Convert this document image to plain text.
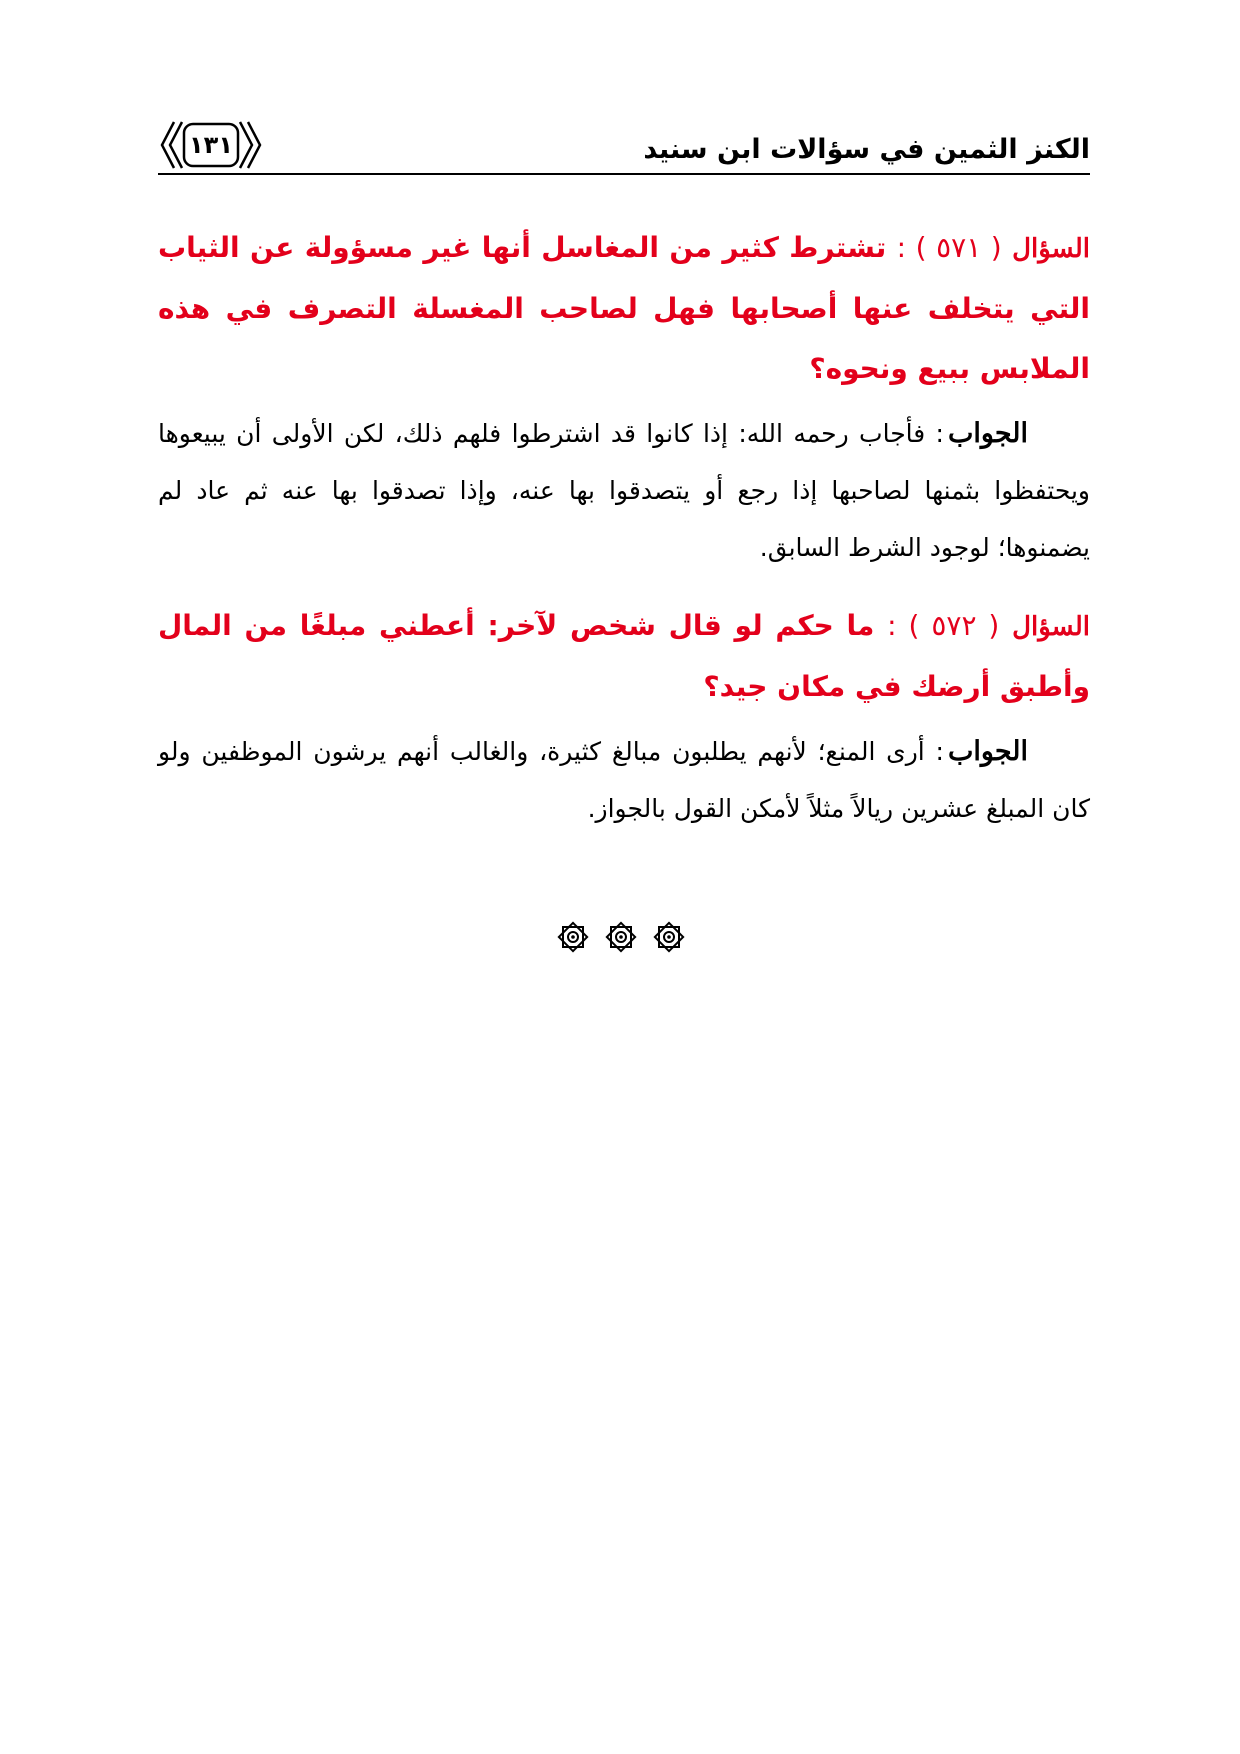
١٣١	الكنز الثمين في سؤالات ابن سنيد

السؤال ( ٥٧١ ) : تشترط كثير من المغاسل أنها غير مسؤولة عن الثياب التي يتخلف عنها أصحابها فهل لصاحب المغسلة التصرف في هذه الملابس ببيع ونحوه؟

الجواب: فأجاب رحمه الله: إذا كانوا قد اشترطوا فلهم ذلك، لكن الأولى أن يبيعوها ويحتفظوا بثمنها لصاحبها إذا رجع أو يتصدقوا بها عنه، وإذا تصدقوا بها عنه ثم عاد لم يضمنوها؛ لوجود الشرط السابق.

السؤال ( ٥٧٢ ) : ما حكم لو قال شخص لآخر: أعطني مبلغًا من المال وأطبق أرضك في مكان جيد؟

الجواب: أرى المنع؛ لأنهم يطلبون مبالغ كثيرة، والغالب أنهم يرشون الموظفين ولو كان المبلغ عشرين ريالاً مثلاً لأمكن القول بالجواز.
